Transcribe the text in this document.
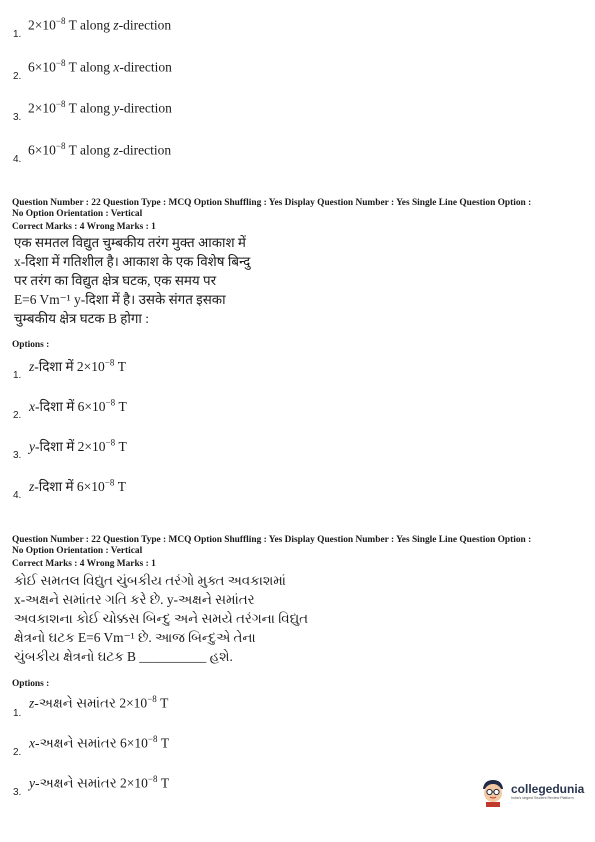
1.
$2\times 10^{-8}$ T along z-direction
2.
$6\times 10^{-8}$ T along x-direction
3.
$2\times 10^{-8}$ T along y-direction
4.
$6\times 10^{-8}$ T along z-direction
Question Number : 22 Question Type : MCQ Option Shuffling : Yes Display Question Number : Yes Single Line Question Option :
No Option Orientation : Vertical
Correct Marks : 4 Wrong Marks : 1
एक समतल विद्युत चुम्बकीय तरंग मुक्त आकाश में
x-दिशा में गतिशील है। आकाश के एक विशेष बिन्दु
पर तरंग का विद्युत क्षेत्र घटक, एक समय पर
E=6 Vm⁻¹ y-दिशा में है। उसके संगत इसका
चुम्बकीय क्षेत्र घटक B होगा :
Options :
1.
z-दिशा में $2\times 10^{-8}$ T
2.
x-दिशा में $6\times 10^{-8}$ T
3.
y-दिशा में $2\times 10^{-8}$ T
4.
z-दिशा में $6\times 10^{-8}$ T
Question Number : 22 Question Type : MCQ Option Shuffling : Yes Display Question Number : Yes Single Line Question Option :
No Option Orientation : Vertical
Correct Marks : 4 Wrong Marks : 1
કોઈ સમતલ વિદ્યુત ચુંબકીય તરંગો મુક્ત અવકાશમાં
x-અક્ષને સમાંતર ગતિ કરે છે. y-અક્ષને સમાંતર
અવકાશના કોઈ ચોક્કસ બિન્દુ અને સમયે તરંગના વિદ્યુત
ક્ષેત્રનો ઘટક E=6 Vm⁻¹ છે. આજ બિન્દુએ તેના
ચુંબકીય ક્ષેત્રનો ઘટક B __________ હશે.
Options :
1.
z-અક્ષને સમાંતર $2\times 10^{-8}$ T
2.
x-અક્ષને સમાંતર $6\times 10^{-8}$ T
3.
y-અક્ષને સમાંતર $2\times 10^{-8}$ T	collegedunia
India's largest Student Review Platform
